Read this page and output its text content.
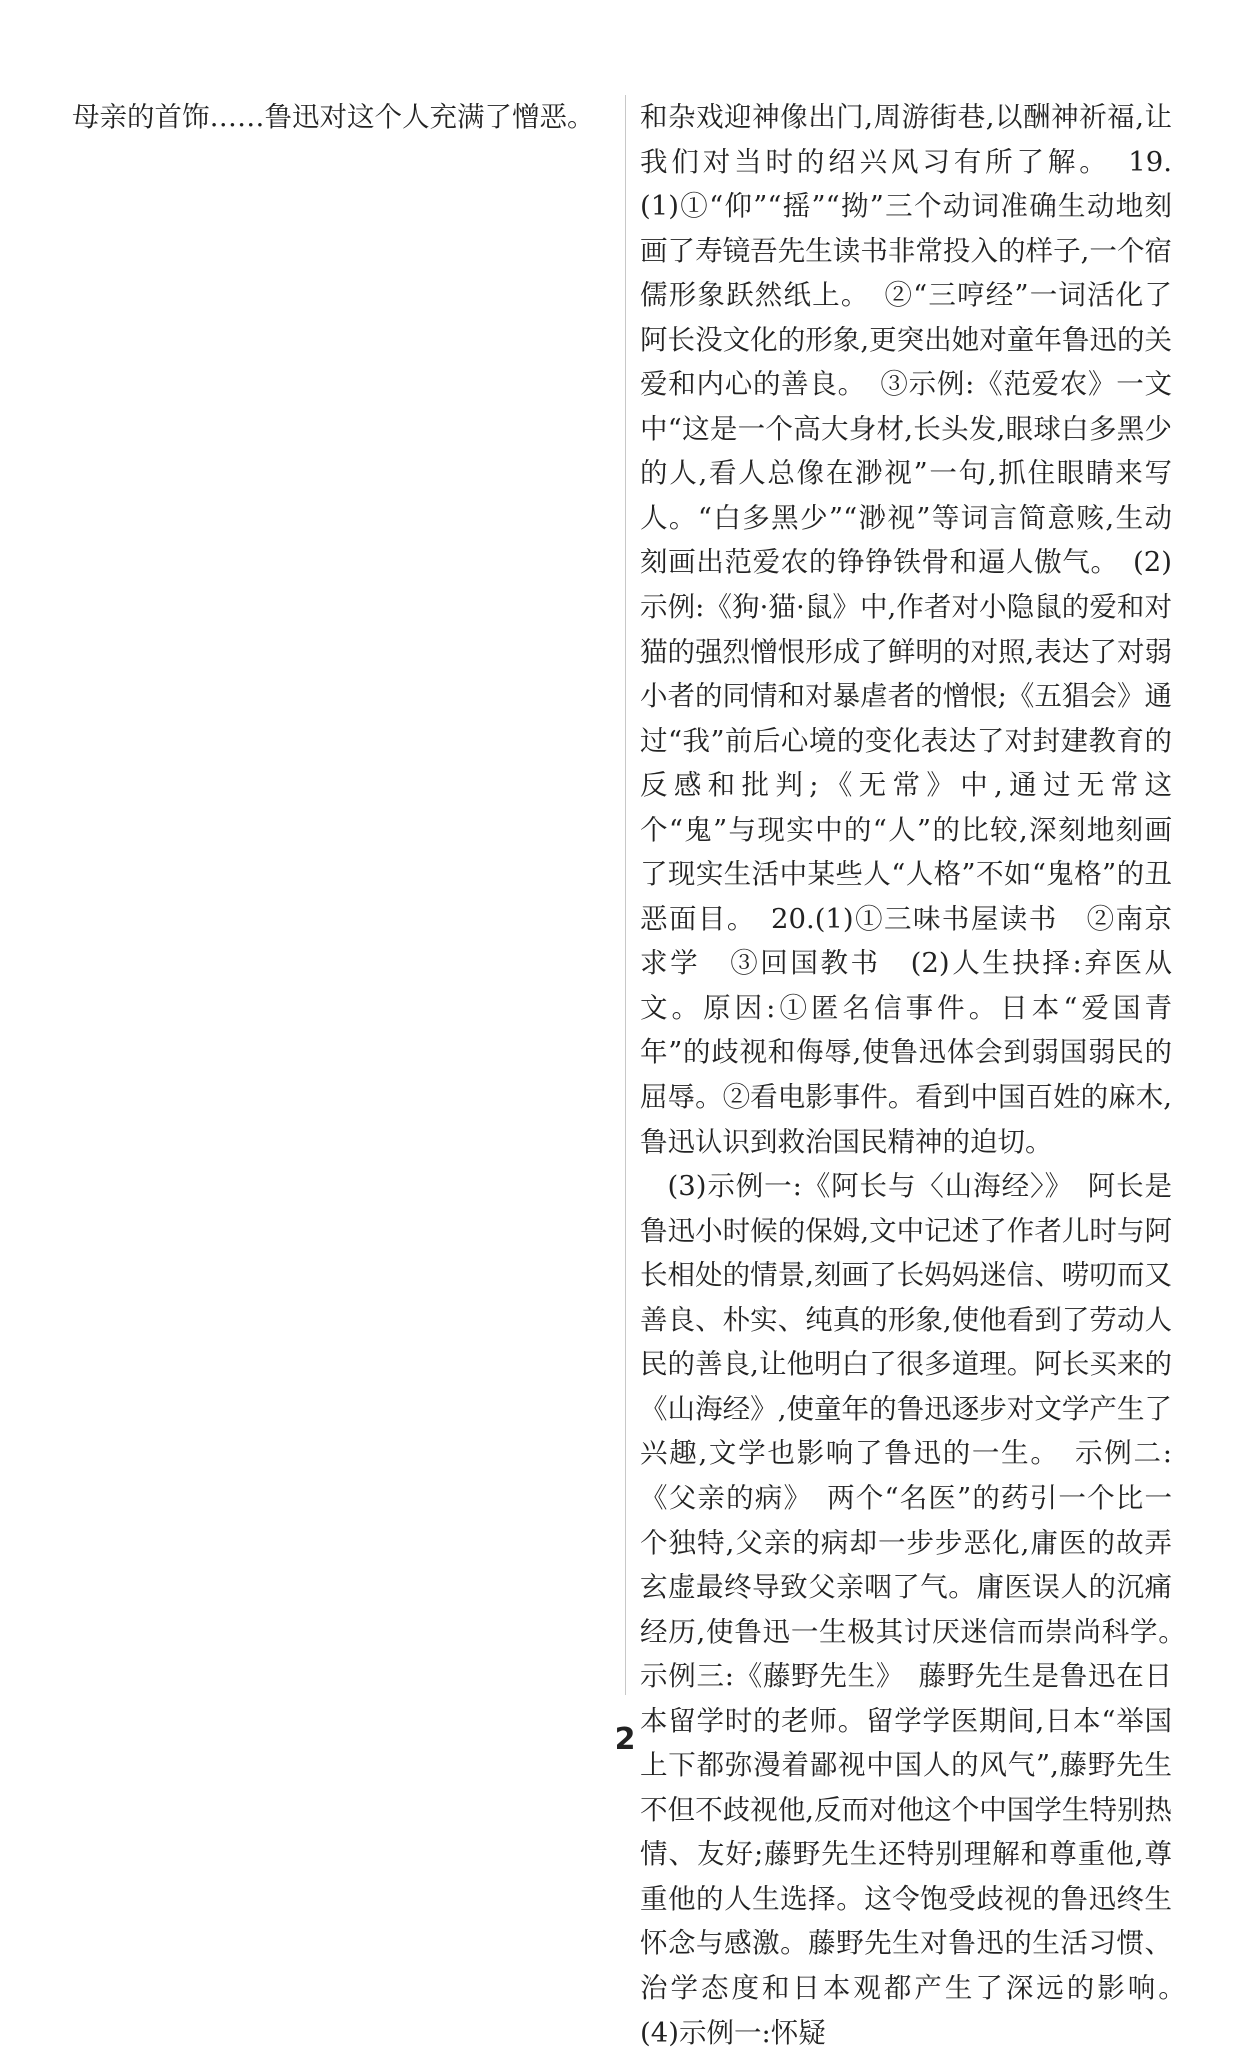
母亲的首饰……鲁迅对这个人充满了憎恶。	和杂戏迎神像出门,周游街巷,以酬神祈福,让我们对当时的绍兴风习有所了解。　19.(1)①“仰”“摇”“拗”三个动词准确生动地刻画了寿镜吾先生读书非常投入的样子,一个宿儒形象跃然纸上。　②“三哼经”一词活化了阿长没文化的形象,更突出她对童年鲁迅的关爱和内心的善良。　③示例:《范爱农》一文中“这是一个高大身材,长头发,眼球白多黑少的人,看人总像在渺视”一句,抓住眼睛来写人。“白多黑少”“渺视”等词言简意赅,生动刻画出范爱农的铮铮铁骨和逼人傲气。　(2)示例:《狗·猫·鼠》中,作者对小隐鼠的爱和对猫的强烈憎恨形成了鲜明的对照,表达了对弱小者的同情和对暴虐者的憎恨;《五猖会》通过“我”前后心境的变化表达了对封建教育的反感和批判;《无常》中,通过无常这个“鬼”与现实中的“人”的比较,深刻地刻画了现实生活中某些人“人格”不如“鬼格”的丑恶面目。　20.(1)①三味书屋读书　②南京求学　③回国教书　(2)人生抉择:弃医从文。原因:①匿名信事件。日本“爱国青年”的歧视和侮辱,使鲁迅体会到弱国弱民的屈辱。②看电影事件。看到中国百姓的麻木,鲁迅认识到救治国民精神的迫切。

(3)示例一:《阿长与〈山海经〉》　阿长是鲁迅小时候的保姆,文中记述了作者儿时与阿长相处的情景,刻画了长妈妈迷信、唠叨而又善良、朴实、纯真的形象,使他看到了劳动人民的善良,让他明白了很多道理。阿长买来的《山海经》,使童年的鲁迅逐步对文学产生了兴趣,文学也影响了鲁迅的一生。　示例二:《父亲的病》　两个“名医”的药引一个比一个独特,父亲的病却一步步恶化,庸医的故弄玄虚最终导致父亲咽了气。庸医误人的沉痛经历,使鲁迅一生极其讨厌迷信而崇尚科学。　示例三:《藤野先生》　藤野先生是鲁迅在日本留学时的老师。留学学医期间,日本“举国上下都弥漫着鄙视中国人的风气”,藤野先生不但不歧视他,反而对他这个中国学生特别热情、友好;藤野先生还特别理解和尊重他,尊重他的人生选择。这令饱受歧视的鲁迅终生怀念与感激。藤野先生对鲁迅的生活习惯、治学态度和日本观都产生了深远的影响。　(4)示例一:怀疑

2
